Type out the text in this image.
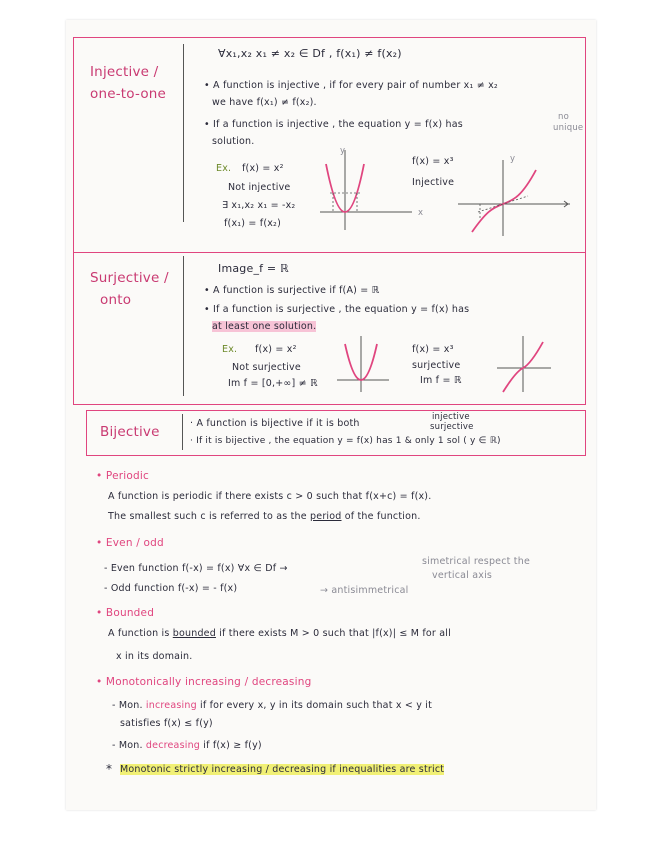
Injective /
one-to-one
∀x₁,x₂ x₁ ≠ x₂ ∈ Df , f(x₁) ≠ f(x₂)
• A function is injective , if for every pair of number x₁ ≠ x₂
we have f(x₁) ≠ f(x₂).
• If a function is injective , the equation y = f(x) has
no
unique
solution.
Ex. f(x) = x²
Not injective
∃ x₁,x₂ x₁ = -x₂
f(x₁) = f(x₂)
f(x) = x³
Injective
y
x
y
Surjective /
onto
Image_f = ℝ
• A function is surjective if f(A) = ℝ
• If a function is surjective , the equation y = f(x) has
at least one solution.
Ex. f(x) = x²
Not surjective
Im f = [0,+∞] ≠ ℝ
f(x) = x³
surjective
Im f = ℝ
Bijective
· A function is bijective if it is both
injective
surjective
· If it is bijective , the equation y = f(x) has 1 & only 1 sol ( y ∈ ℝ)
• Periodic
A function is periodic if there exists c > 0 such that f(x+c) = f(x).
The smallest such c is referred to as the period of the function.
• Even / odd
- Even function f(-x) = f(x) ∀x ∈ Df →
simetrical respect the
vertical axis
- Odd function f(-x) = - f(x)	→ antisimmetrical
• Bounded
A function is bounded if there exists M > 0 such that |f(x)| ≤ M for all
x in its domain.
• Monotonically increasing / decreasing
- Mon. increasing if for every x, y in its domain such that x < y it
satisfies f(x) ≤ f(y)
- Mon. decreasing if f(x) ≥ f(y)
* Monotonic strictly increasing / decreasing if inequalities are strict
